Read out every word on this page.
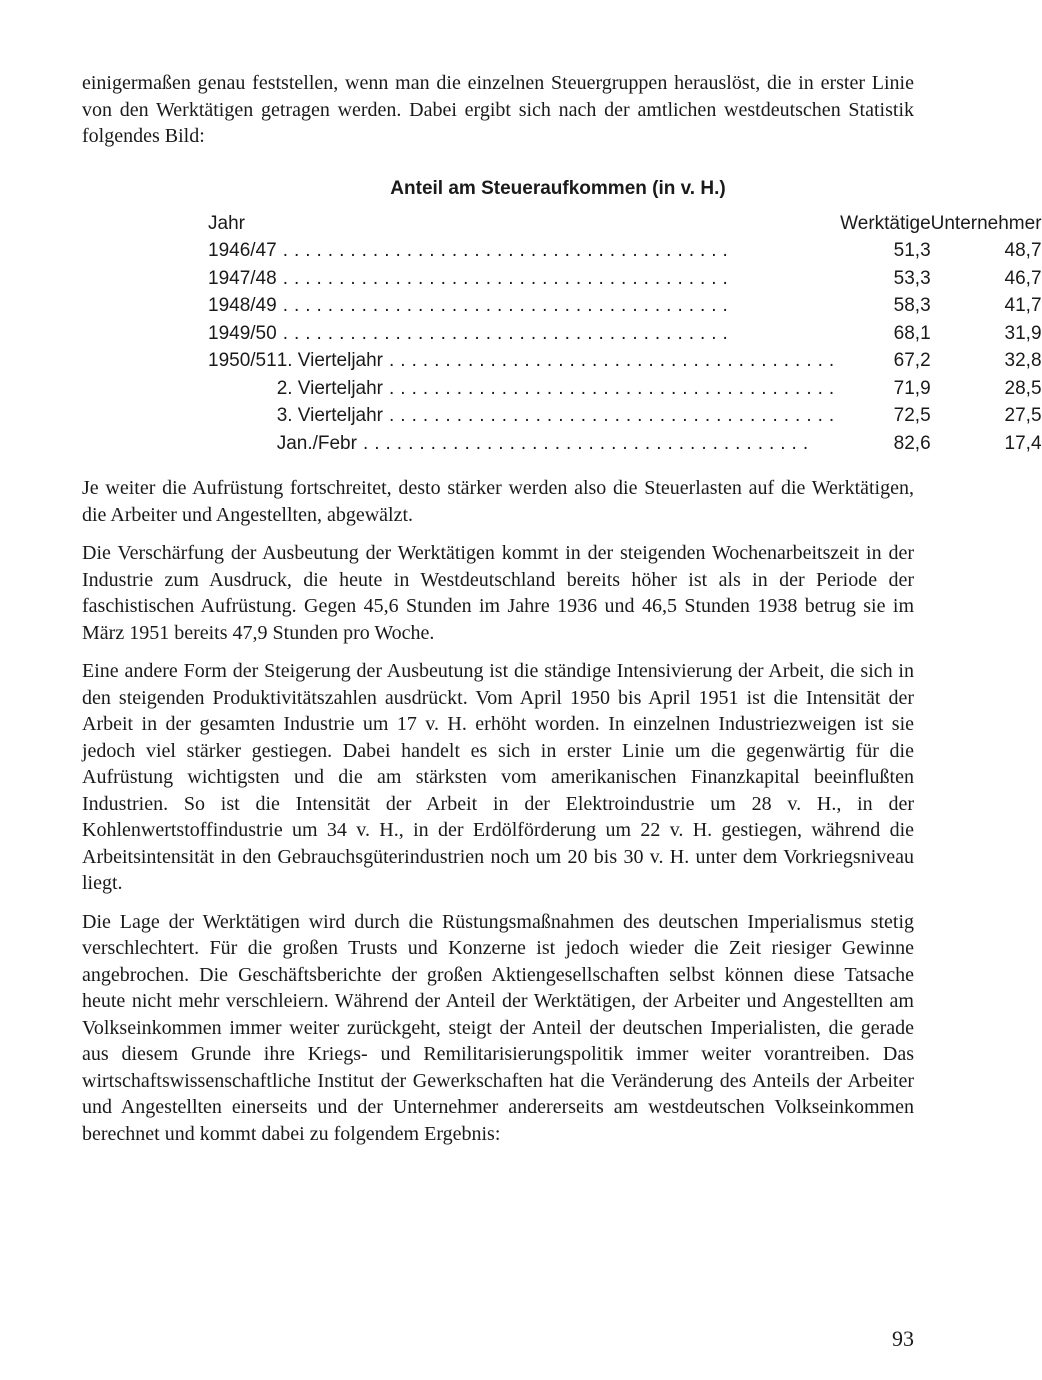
einigermaßen genau feststellen, wenn man die einzelnen Steuergruppen herauslöst, die in erster Linie von den Werktätigen getragen werden. Dabei ergibt sich nach der amtlichen westdeutschen Statistik folgendes Bild:

Anteil am Steueraufkommen (in v. H.)
Jahr		Werktätige	Unternehmer
1946/47	........................................	51,3	48,7
1947/48	........................................	53,3	46,7
1948/49	........................................	58,3	41,7
1949/50	........................................	68,1	31,9
1950/51	1. Vierteljahr ........................................	67,2	32,8
	2. Vierteljahr ........................................	71,9	28,5
	3. Vierteljahr ........................................	72,5	27,5
	Jan./Febr ........................................	82,6	17,4

Je weiter die Aufrüstung fortschreitet, desto stärker werden also die Steuerlasten auf die Werktätigen, die Arbeiter und Angestellten, abgewälzt.

Die Verschärfung der Ausbeutung der Werktätigen kommt in der steigenden Wochenarbeitszeit in der Industrie zum Ausdruck, die heute in Westdeutschland bereits höher ist als in der Periode der faschistischen Aufrüstung. Gegen 45,6 Stunden im Jahre 1936 und 46,5 Stunden 1938 betrug sie im März 1951 bereits 47,9 Stunden pro Woche.

Eine andere Form der Steigerung der Ausbeutung ist die ständige Intensivierung der Arbeit, die sich in den steigenden Produktivitätszahlen ausdrückt. Vom April 1950 bis April 1951 ist die Intensität der Arbeit in der gesamten Industrie um 17 v. H. erhöht worden. In einzelnen Industriezweigen ist sie jedoch viel stärker gestiegen. Dabei handelt es sich in erster Linie um die gegenwärtig für die Aufrüstung wichtigsten und die am stärksten vom amerikanischen Finanzkapital beeinflußten Industrien. So ist die Intensität der Arbeit in der Elektroindustrie um 28 v. H., in der Kohlenwertstoffindustrie um 34 v. H., in der Erdölförderung um 22 v. H. gestiegen, während die Arbeitsintensität in den Gebrauchsgüterindustrien noch um 20 bis 30 v. H. unter dem Vorkriegsniveau liegt.

Die Lage der Werktätigen wird durch die Rüstungsmaßnahmen des deutschen Imperialismus stetig verschlechtert. Für die großen Trusts und Konzerne ist jedoch wieder die Zeit riesiger Gewinne angebrochen. Die Geschäftsberichte der großen Aktiengesellschaften selbst können diese Tatsache heute nicht mehr verschleiern. Während der Anteil der Werktätigen, der Arbeiter und Angestellten am Volkseinkommen immer weiter zurückgeht, steigt der Anteil der deutschen Imperialisten, die gerade aus diesem Grunde ihre Kriegs- und Remilitarisierungspolitik immer weiter vorantreiben. Das wirtschaftswissenschaftliche Institut der Gewerkschaften hat die Veränderung des Anteils der Arbeiter und Angestellten einerseits und der Unternehmer andererseits am westdeutschen Volkseinkommen berechnet und kommt dabei zu folgendem Ergebnis:

93
